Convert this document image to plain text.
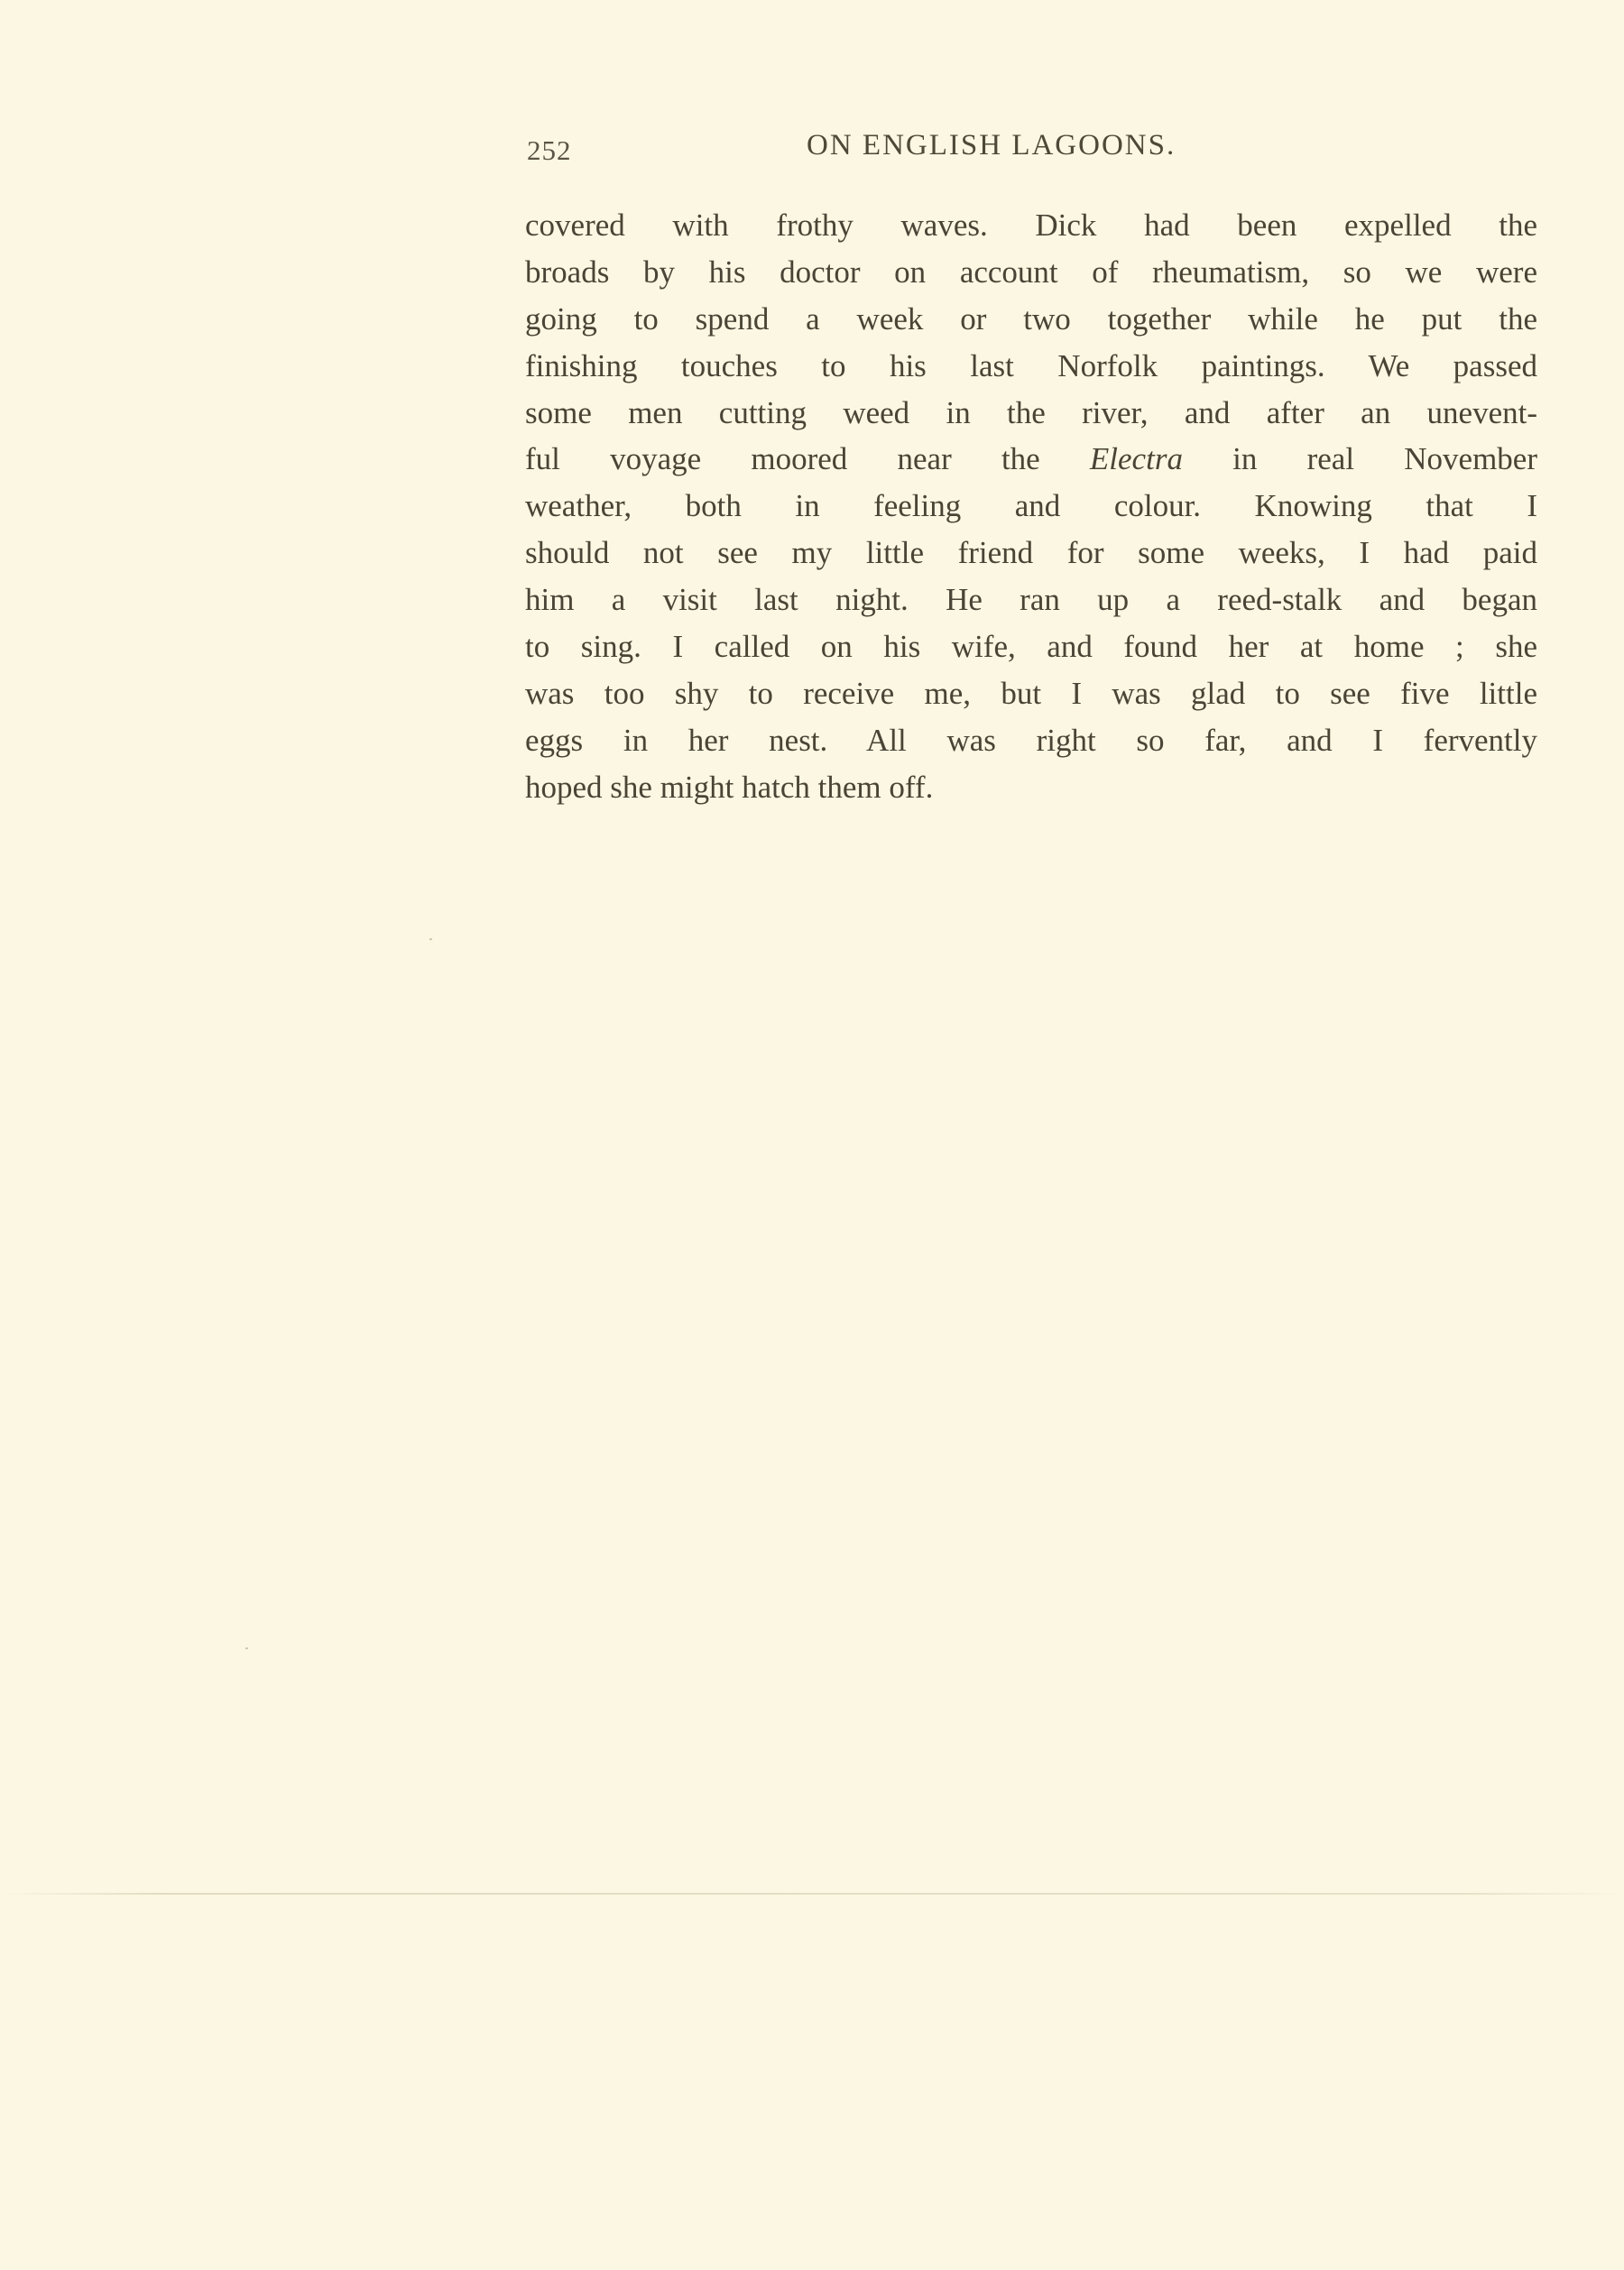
252	ON ENGLISH LAGOONS.
covered with frothy waves. Dick had been expelled the
broads by his doctor on account of rheumatism, so we were
going to spend a week or two together while he put the
finishing touches to his last Norfolk paintings. We passed
some men cutting weed in the river, and after an unevent-
ful voyage moored near the Electra in real November
weather, both in feeling and colour. Knowing that I
should not see my little friend for some weeks, I had paid
him a visit last night. He ran up a reed-stalk and began
to sing. I called on his wife, and found her at home ; she
was too shy to receive me, but I was glad to see five little
eggs in her nest. All was right so far, and I fervently
hoped she might hatch them off.
